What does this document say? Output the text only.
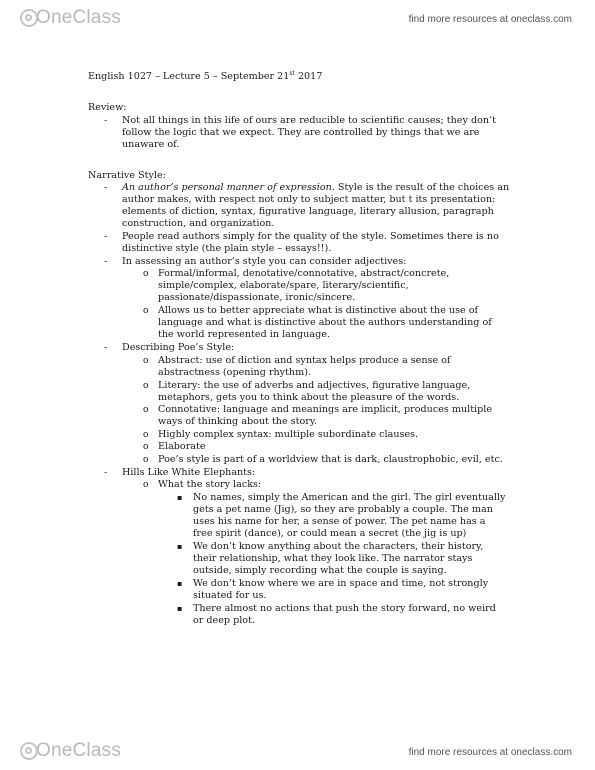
OneClass	find more resources at oneclass.com
English 1027 – Lecture 5 – September 21st 2017
Review:
- Not all things in this life of ours are reducible to scientific causes; they don’t
follow the logic that we expect. They are controlled by things that we are
unaware of.
Narrative Style:
- An author’s personal manner of expression. Style is the result of the choices an
author makes, with respect not only to subject matter, but t its presentation:
elements of diction, syntax, figurative language, literary allusion, paragraph
construction, and organization.
- People read authors simply for the quality of the style. Sometimes there is no
distinctive style (the plain style – essays!!).
- In assessing an author’s style you can consider adjectives:
o Formal/informal, denotative/connotative, abstract/concrete,
simple/complex, elaborate/spare, literary/scientific,
passionate/dispassionate, ironic/sincere.
o Allows us to better appreciate what is distinctive about the use of
language and what is distinctive about the authors understanding of
the world represented in language.
- Describing Poe’s Style:
o Abstract: use of diction and syntax helps produce a sense of
abstractness (opening rhythm).
o Literary: the use of adverbs and adjectives, figurative language,
metaphors, gets you to think about the pleasure of the words.
o Connotative: language and meanings are implicit, produces multiple
ways of thinking about the story.
o Highly complex syntax: multiple subordinate clauses.
o Elaborate
o Poe’s style is part of a worldview that is dark, claustrophobic, evil, etc.
- Hills Like White Elephants:
o What the story lacks:
▪ No names, simply the American and the girl. The girl eventually
gets a pet name (Jig), so they are probably a couple. The man
uses his name for her, a sense of power. The pet name has a
free spirit (dance), or could mean a secret (the jig is up)
▪ We don’t know anything about the characters, their history,
their relationship, what they look like. The narrator stays
outside, simply recording what the couple is saying.
▪ We don’t know where we are in space and time, not strongly
situated for us.
▪ There almost no actions that push the story forward, no weird
or deep plot.
OneClass	find more resources at oneclass.com
